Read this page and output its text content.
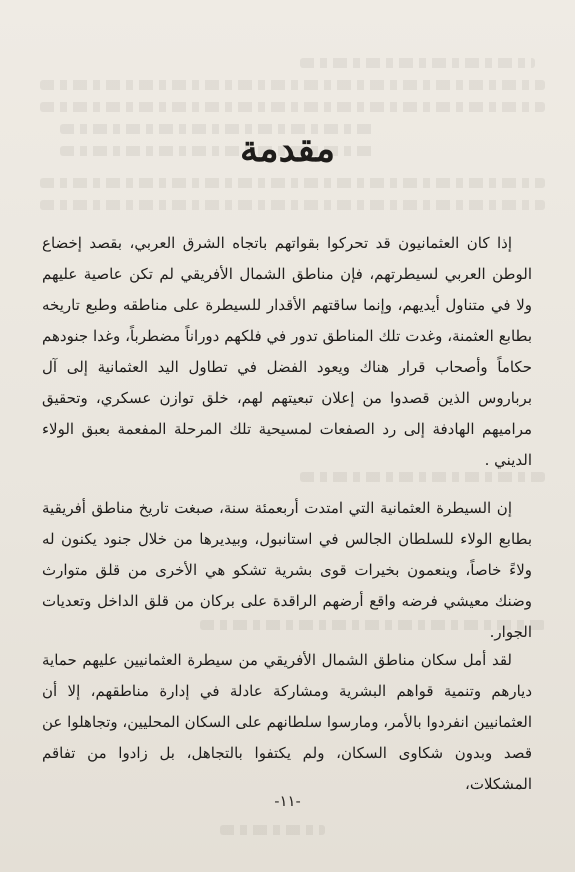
مقدمة

إذا كان العثمانيون قد تحركوا بقواتهم باتجاه الشرق العربي، بقصد إخضاع الوطن العربي لسيطرتهم، فإن مناطق الشمال الأفريقي لم تكن عاصية عليهم ولا في متناول أيديهم، وإنما ساقتهم الأقدار للسيطرة على مناطقه وطبع تاريخه بطابع العثمنة، وغدت تلك المناطق تدور في فلكهم دوراناً مضطرباً، وغدا جنودهم حكاماً وأصحاب قرار هناك ويعود الفضل في تطاول اليد العثمانية إلى آل برباروس الذين قصدوا من إعلان تبعيتهم لهم، خلق توازن عسكري، وتحقيق مراميهم الهادفة إلى رد الصفعات لمسيحية تلك المرحلة المفعمة بعبق الولاء الديني .

إن السيطرة العثمانية التي امتدت أربعمئة سنة، صبغت تاريخ مناطق أفريقية بطابع الولاء للسلطان الجالس في استانبول، وبيديرها من خلال جنود يكنون له ولاءً خاصاً، وينعمون بخيرات قوى بشرية تشكو هي الأخرى من قلق متوارث وضنك معيشي فرضه واقع أرضهم الراقدة على بركان من قلق الداخل وتعديات الجوار.

لقد أمل سكان مناطق الشمال الأفريقي من سيطرة العثمانيين عليهم حماية ديارهم وتنمية قواهم البشرية ومشاركة عادلة في إدارة مناطقهم، إلا أن العثمانيين انفردوا بالأمر، ومارسوا سلطانهم على السكان المحليين، وتجاهلوا عن قصد وبدون شكاوى السكان، ولم يكتفوا بالتجاهل، بل زادوا من تفاقم المشكلات،

-١١-
